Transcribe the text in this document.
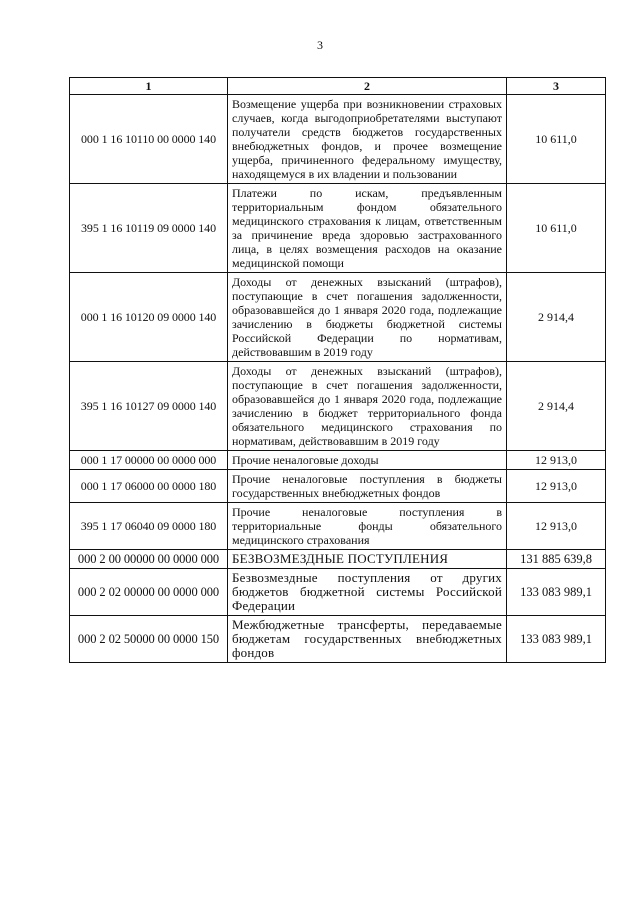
3
1	2	3
000 1 16 10110 00 0000 140	Возмещение ущерба при возникновении страховых случаев, когда выгодоприобретателями выступают получатели средств бюджетов государственных внебюджетных фондов, и прочее возмещение ущерба, причиненного федеральному имуществу, находящемуся в их владении и пользовании	10 611,0
395 1 16 10119 09 0000 140	Платежи по искам, предъявленным территориальным фондом обязательного медицинского страхования к лицам, ответственным за причинение вреда здоровью застрахованного лица, в целях возмещения расходов на оказание медицинской помощи	10 611,0
000 1 16 10120 09 0000 140	Доходы от денежных взысканий (штрафов), поступающие в счет погашения задолженности, образовавшейся до 1 января 2020 года, подлежащие зачислению в бюджеты бюджетной системы Российской Федерации по нормативам, действовавшим в 2019 году	2 914,4
395 1 16 10127 09 0000 140	Доходы от денежных взысканий (штрафов), поступающие в счет погашения задолженности, образовавшейся до 1 января 2020 года, подлежащие зачислению в бюджет территориального фонда обязательного медицинского страхования по нормативам, действовавшим в 2019 году	2 914,4
000 1 17 00000 00 0000 000	Прочие неналоговые доходы	12 913,0
000 1 17 06000 00 0000 180	Прочие неналоговые поступления в бюджеты государственных внебюджетных фондов	12 913,0
395 1 17 06040 09 0000 180	Прочие неналоговые поступления в территориальные фонды обязательного медицинского страхования	12 913,0
000 2 00 00000 00 0000 000	БЕЗВОЗМЕЗДНЫЕ ПОСТУПЛЕНИЯ	131 885 639,8
000 2 02 00000 00 0000 000	Безвозмездные поступления от других бюджетов бюджетной системы Российской Федерации	133 083 989,1
000 2 02 50000 00 0000 150	Межбюджетные трансферты, передаваемые бюджетам государственных внебюджетных фондов	133 083 989,1
